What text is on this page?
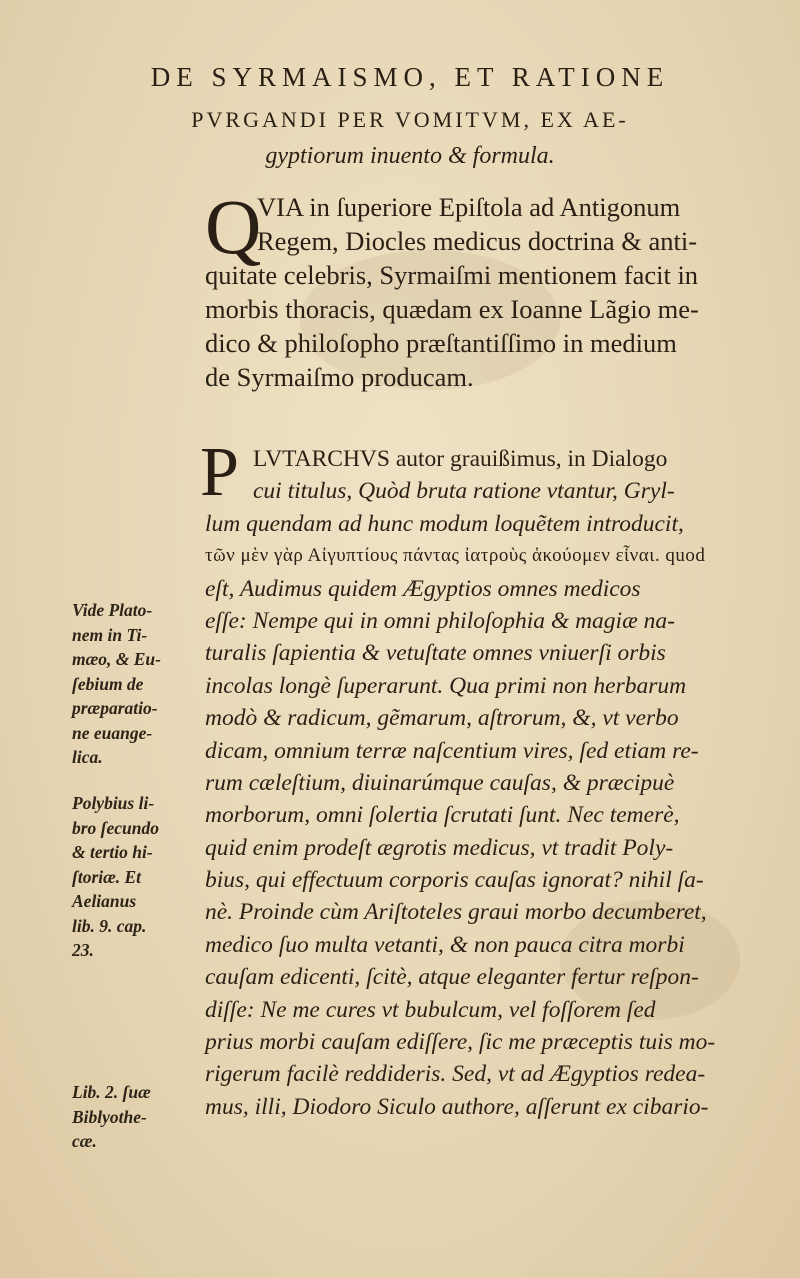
DE SYRMAISMO, ET RATIONE
PVRGANDI PER VOMITVM, EX AE-
gyptiorum inuento & formula.
Q
VIA in ſuperiore Epiſtola ad Antigonum
Regem, Diocles medicus doctrina & anti-
quitate celebris, Syrmaiſmi mentionem facit in
morbis thoracis, quædam ex Ioanne Lãgio me-
dico & philoſopho præſtantiſſimo in medium
de Syrmaiſmo producam.
P LVTARCHVS autor grauißimus, in Dialogo
cui titulus, Quòd bruta ratione vtantur, Gryl-
lum quendam ad hunc modum loquẽtem introducit,
τῶν μὲν γὰρ Αἰγυπτίους πάντας ἰατροὺς ἀκούομεν εἶναι. quod
eſt, Audimus quidem Ægyptios omnes medicos
eſſe: Nempe qui in omni philoſophia & magiæ na-
turalis ſapientia & vetuſtate omnes vniuerſi orbis
incolas longè ſuperarunt. Qua primi non herbarum
modò & radicum, gẽmarum, aſtrorum, &, vt verbo
dicam, omnium terræ naſcentium vires, ſed etiam re-
rum cæleſtium, diuinarúmque cauſas, & præcipuè
morborum, omni ſolertia ſcrutati ſunt. Nec temerè,
quid enim prodeſt ægrotis medicus, vt tradit Poly-
bius, qui effectuum corporis cauſas ignorat? nihil ſa-
nè. Proinde cùm Ariſtoteles graui morbo decumberet,
medico ſuo multa vetanti, & non pauca citra morbi
cauſam edicenti, ſcitè, atque eleganter fertur reſpon-
diſſe: Ne me cures vt bubulcum, vel foſſorem ſed
prius morbi cauſam ediſſere, ſic me præceptis tuis mo-
rigerum facilè reddideris. Sed, vt ad Ægyptios redea-
mus, illi, Diodoro Siculo authore, aſſerunt ex cibario-
Vide Plato-
nem in Ti-
mæo, & Eu-
ſebium de
præparatio-
ne euange-
lica.
Polybius li-
bro ſecundo
& tertio hi-
ſtoriæ. Et
Aelianus
lib. 9. cap.
23.
Lib. 2. ſuæ
Biblyothe-
cæ.
